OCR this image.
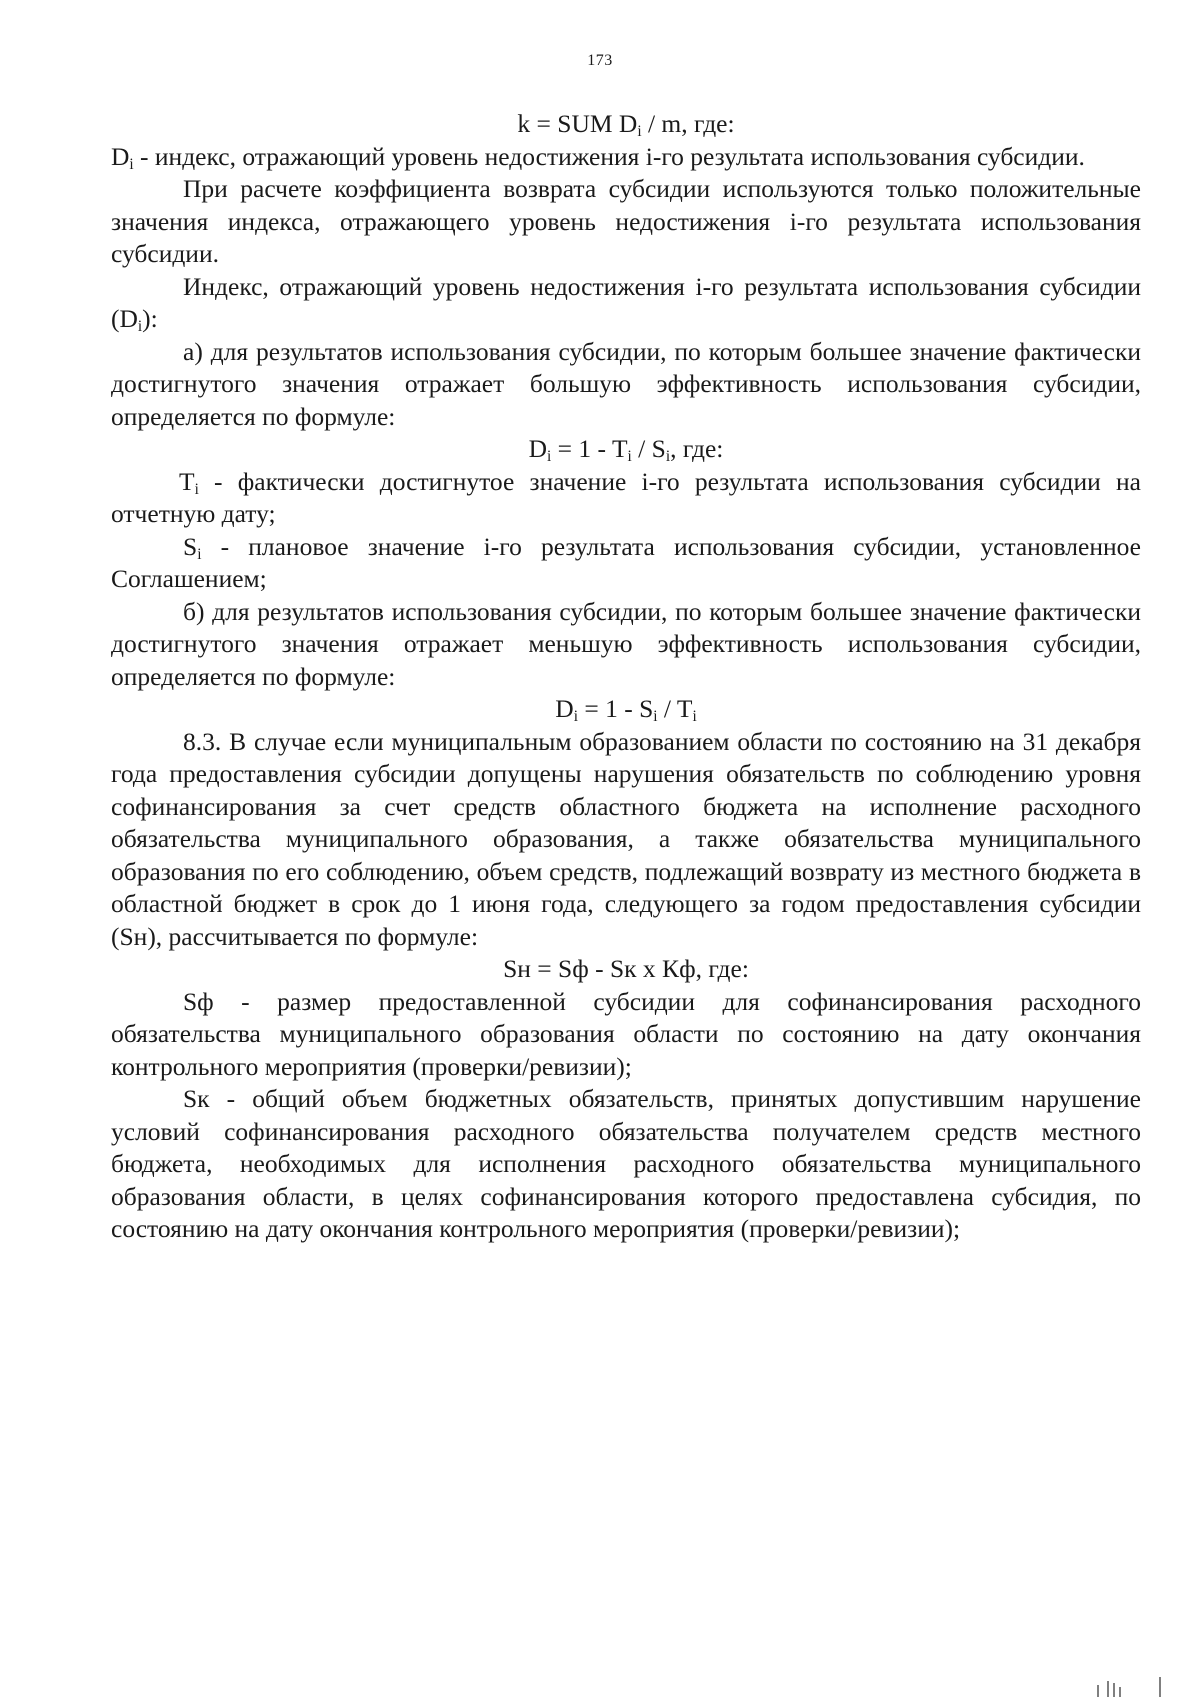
173

k = SUM $D_i$ / m, где:

$D_i$ - индекс, отражающий уровень недостижения i-го результата использования субсидии.

При расчете коэффициента возврата субсидии используются только положительные значения индекса, отражающего уровень недостижения i-го результата использования субсидии.

Индекс, отражающий уровень недостижения i-го результата использования субсидии $(D_i)$:

а) для результатов использования субсидии, по которым большее значение фактически достигнутого значения отражает большую эффективность использования субсидии, определяется по формуле:

$D_i = 1 - T_i / S_i$, где:

$T_i$ - фактически достигнутое значение i-го результата использования субсидии на отчетную дату;

$S_i$ - плановое значение i-го результата использования субсидии, установленное Соглашением;

б) для результатов использования субсидии, по которым большее значение фактически достигнутого значения отражает меньшую эффективность использования субсидии, определяется по формуле:

$D_i = 1 - S_i / T_i$

8.3. В случае если муниципальным образованием области по состоянию на 31 декабря года предоставления субсидии допущены нарушения обязательств по соблюдению уровня софинансирования за счет средств областного бюджета на исполнение расходного обязательства муниципального образования, а также обязательства муниципального образования по его соблюдению, объем средств, подлежащий возврату из местного бюджета в областной бюджет в срок до 1 июня года, следующего за годом предоставления субсидии (Sн), рассчитывается по формуле:

Sн = Sф - Sк x Кф, где:

Sф - размер предоставленной субсидии для софинансирования расходного обязательства муниципального образования области по состоянию на дату окончания контрольного мероприятия (проверки/ревизии);

Sк - общий объем бюджетных обязательств, принятых допустившим нарушение условий софинансирования расходного обязательства получателем средств местного бюджета, необходимых для исполнения расходного обязательства муниципального образования области, в целях софинансирования которого предоставлена субсидия, по состоянию на дату окончания контрольного мероприятия (проверки/ревизии);
